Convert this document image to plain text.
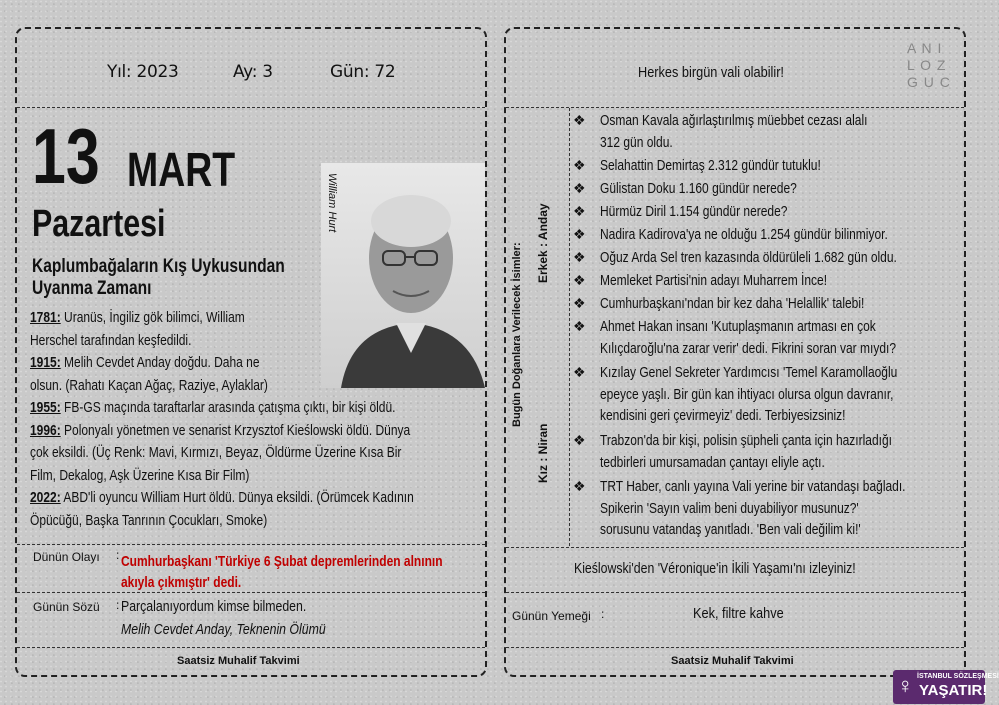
Yıl: 2023	Ay: 3	Gün: 72
13 MART
Pazartesi
Kaplumbağaların Kış Uykusundan
Uyanma Zamanı
William Hurt
1781: Uranüs, İngiliz gök bilimci, William
Herschel tarafından keşfedildi.
1915: Melih Cevdet Anday doğdu. Daha ne
olsun. (Rahatı Kaçan Ağaç, Raziye, Aylaklar)
1955: FB-GS maçında taraftarlar arasında çatışma çıktı, bir kişi öldü.
1996: Polonyalı yönetmen ve senarist Krzysztof Kieślowski öldü. Dünya
çok eksildi. (Üç Renk: Mavi, Kırmızı, Beyaz, Öldürme Üzerine Kısa Bir
Film, Dekalog, Aşk Üzerine Kısa Bir Film)
2022: ABD'li oyuncu William Hurt öldü. Dünya eksildi. (Örümcek Kadının
Öpücüğü, Başka Tanrının Çocukları, Smoke)
Dünün Olayı : Cumhurbaşkanı 'Türkiye 6 Şubat depremlerinden alnının
akıyla çıkmıştır' dedi.
Günün Sözü : Parçalanıyordum kimse bilmeden.
Melih Cevdet Anday, Teknenin Ölümü
Saatsiz Muhalif Takvimi
Herkes birgün vali olabilir!
A N I
L O Z
G U C
Bugün Doğanlara Verilecek İsimler: Erkek : Anday
Kız : Niran
❖ Osman Kavala ağırlaştırılmış müebbet cezası alalı
312 gün oldu.
❖ Selahattin Demirtaş 2.312 gündür tutuklu!
❖ Gülistan Doku 1.160 gündür nerede?
❖ Hürmüz Diril 1.154 gündür nerede?
❖ Nadira Kadirova'ya ne olduğu 1.254 gündür bilinmiyor.
❖ Oğuz Arda Sel tren kazasında öldürüleli 1.682 gün oldu.
❖ Memleket Partisi'nin adayı Muharrem İnce!
❖ Cumhurbaşkanı'ndan bir kez daha 'Helallik' talebi!
❖ Ahmet Hakan insanı 'Kutuplaşmanın artması en çok
Kılıçdaroğlu'na zarar verir' dedi. Fikrini soran var mıydı?
❖ Kızılay Genel Sekreter Yardımcısı 'Temel Karamollaoğlu
epeyce yaşlı. Bir gün kan ihtiyacı olursa olgun davranır,
kendisini geri çevirmeyiz' dedi. Terbiyesizsiniz!
❖ Trabzon'da bir kişi, polisin şüpheli çanta için hazırladığı
tedbirleri umursamadan çantayı eliyle açtı.
❖ TRT Haber, canlı yayına Vali yerine bir vatandaşı bağladı.
Spikerin 'Sayın valim beni duyabiliyor musunuz?'
sorusunu vatandaş yanıtladı. 'Ben vali değilim ki!'
Kieślowski'den 'Véronique'in İkili Yaşamı'nı izleyiniz!
Günün Yemeği :	Kek, filtre kahve
Saatsiz Muhalif Takvimi
♀ İSTANBUL SÖZLEŞMESİ
YAŞATIR!
